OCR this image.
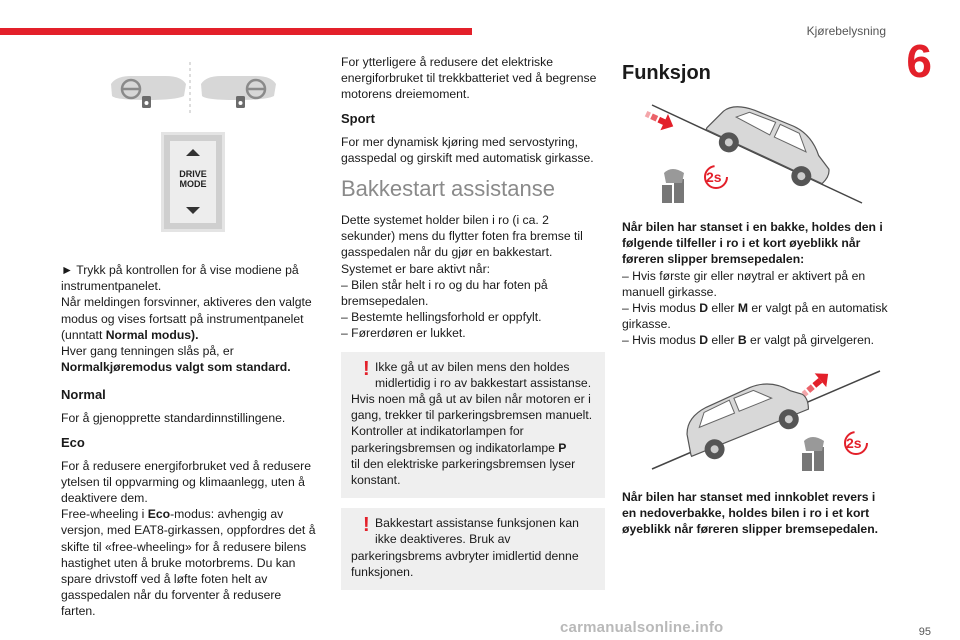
Kjørebelysning
6
DRIVE
MODE

► Trykk på kontrollen for å vise modiene på instrumentpanelet.
Når meldingen forsvinner, aktiveres den valgte modus og vises fortsatt på instrumentpanelet (unntatt Normal modus).
Hver gang tenningen slås på, er
Normalkjøremodus valgt som standard.

Normal

For å gjenopprette standardinnstillingene.

Eco

For å redusere energiforbruket ved å redusere ytelsen til oppvarming og klimaanlegg, uten å deaktivere dem.
Free-wheeling i Eco-modus: avhengig av versjon, med EAT8-girkassen, oppfordres det å skifte til «free-wheeling» for å redusere bilens hastighet uten å bruke motorbrems. Du kan spare drivstoff ved å løfte foten helt av gasspedalen når du forventer å redusere farten.

For ytterligere å redusere det elektriske energiforbruket til trekkbatteriet ved å begrense motorens dreiemoment.

Sport

For mer dynamisk kjøring med servostyring, gasspedal og girskift med automatisk girkasse.

Bakkestart assistanse

Dette systemet holder bilen i ro (i ca. 2 sekunder) mens du flytter foten fra bremse til gasspedalen når du gjør en bakkestart.
Systemet er bare aktivt når:
– Bilen står helt i ro og du har foten på bremsepedalen.
– Bestemte hellingsforhold er oppfylt.
– Førerdøren er lukket.

! Ikke gå ut av bilen mens den holdes midlertidig i ro av bakkestart assistanse.
Hvis noen må gå ut av bilen når motoren er i gang, trekker til parkeringsbremsen manuelt. Kontroller at indikatorlampen for parkeringsbremsen og indikatorlampe P
til den elektriske parkeringsbremsen lyser konstant.

! Bakkestart assistanse funksjonen kan ikke deaktiveres. Bruk av
parkeringsbrems avbryter imidlertid denne funksjonen.

Funksjon
2s

Når bilen har stanset i en bakke, holdes den i følgende tilfeller i ro i et kort øyeblikk når føreren slipper bremsepedalen:
– Hvis første gir eller nøytral er aktivert på en manuell girkasse.
– Hvis modus D eller M er valgt på en automatisk girkasse.
– Hvis modus D eller B er valgt på girvelgeren.

2s

Når bilen har stanset med innkoblet revers i en nedoverbakke, holdes bilen i ro i et kort øyeblikk når føreren slipper bremsepedalen.

carmanualsonline.info	95
